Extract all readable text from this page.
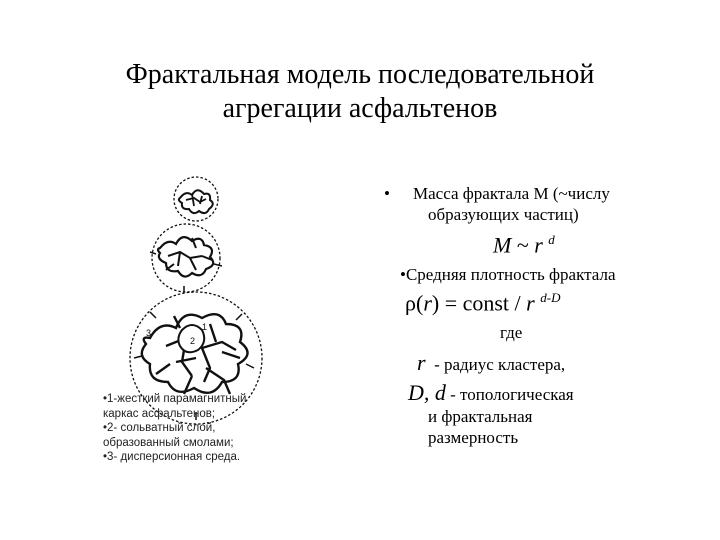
Фрактальная модель последовательной
агрегации асфальтенов
1
2
3
•1-жесткий парамагнитный
каркас асфальтенов;
•2- сольватный слой,
образованный смолами;
•3- дисперсионная среда.
• Масса фрактала М (~числу
образующих частиц)
М ~ r $^d$
•Средняя плотность фрактала
ρ(r) = const / r $^{d-D}$
где
r - радиус кластера,
D, d - топологическая
и фрактальная
размерность
